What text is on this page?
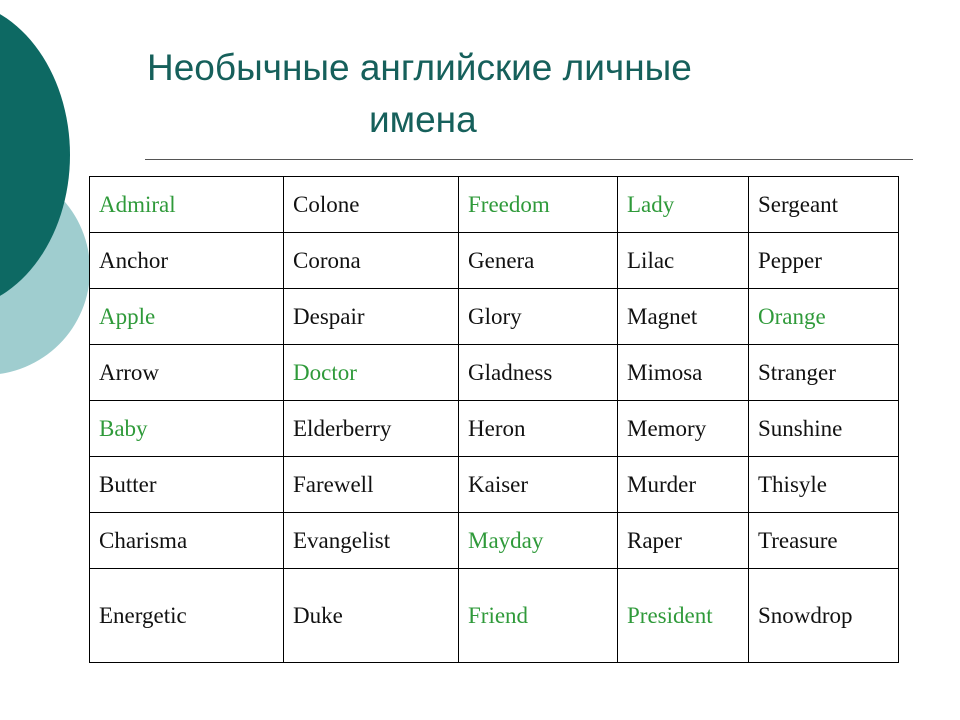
Необычные английские личные
имена
Admiral	Colone	Freedom	Lady	Sergeant
Anchor	Corona	Genera	Lilac	Pepper
Apple	Despair	Glory	Magnet	Orange
Arrow	Doctor	Gladness	Mimosa	Stranger
Baby	Elderberry	Heron	Memory	Sunshine
Butter	Farewell	Kaiser	Murder	Thisyle
Charisma	Evangelist	Mayday	Raper	Treasure
Energetic	Duke	Friend	President	Snowdrop
